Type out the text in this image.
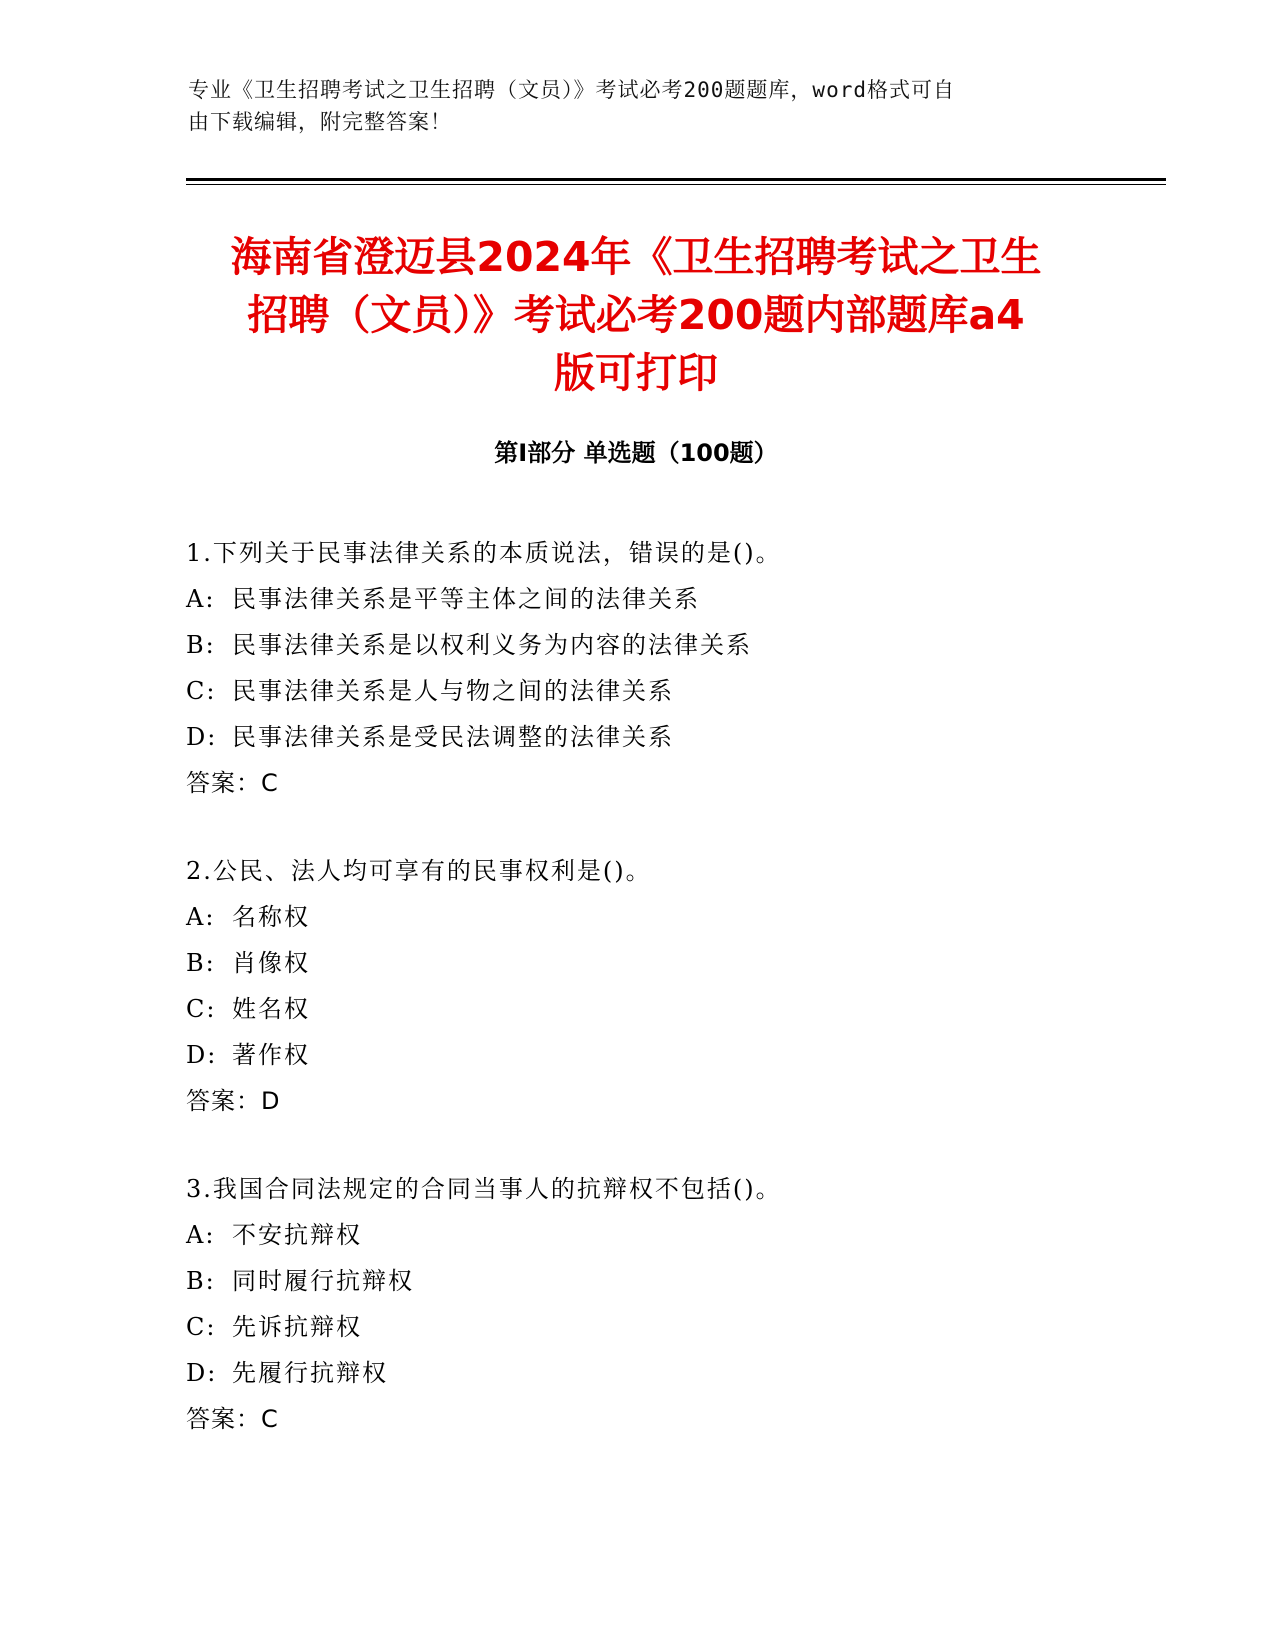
专业《卫生招聘考试之卫生招聘（文员）》考试必考200题题库，word格式可自
由下载编辑，附完整答案！
海南省澄迈县2024年《卫生招聘考试之卫生
招聘（文员）》考试必考200题内部题库a4
版可打印
第Ⅰ部分 单选题（100题）
1.下列关于民事法律关系的本质说法，错误的是()。
A: 民事法律关系是平等主体之间的法律关系
B: 民事法律关系是以权利义务为内容的法律关系
C: 民事法律关系是人与物之间的法律关系
D: 民事法律关系是受民法调整的法律关系
答案：C
2.公民、法人均可享有的民事权利是()。
A: 名称权
B: 肖像权
C: 姓名权
D: 著作权
答案：D
3.我国合同法规定的合同当事人的抗辩权不包括()。
A: 不安抗辩权
B: 同时履行抗辩权
C: 先诉抗辩权
D: 先履行抗辩权
答案：C
